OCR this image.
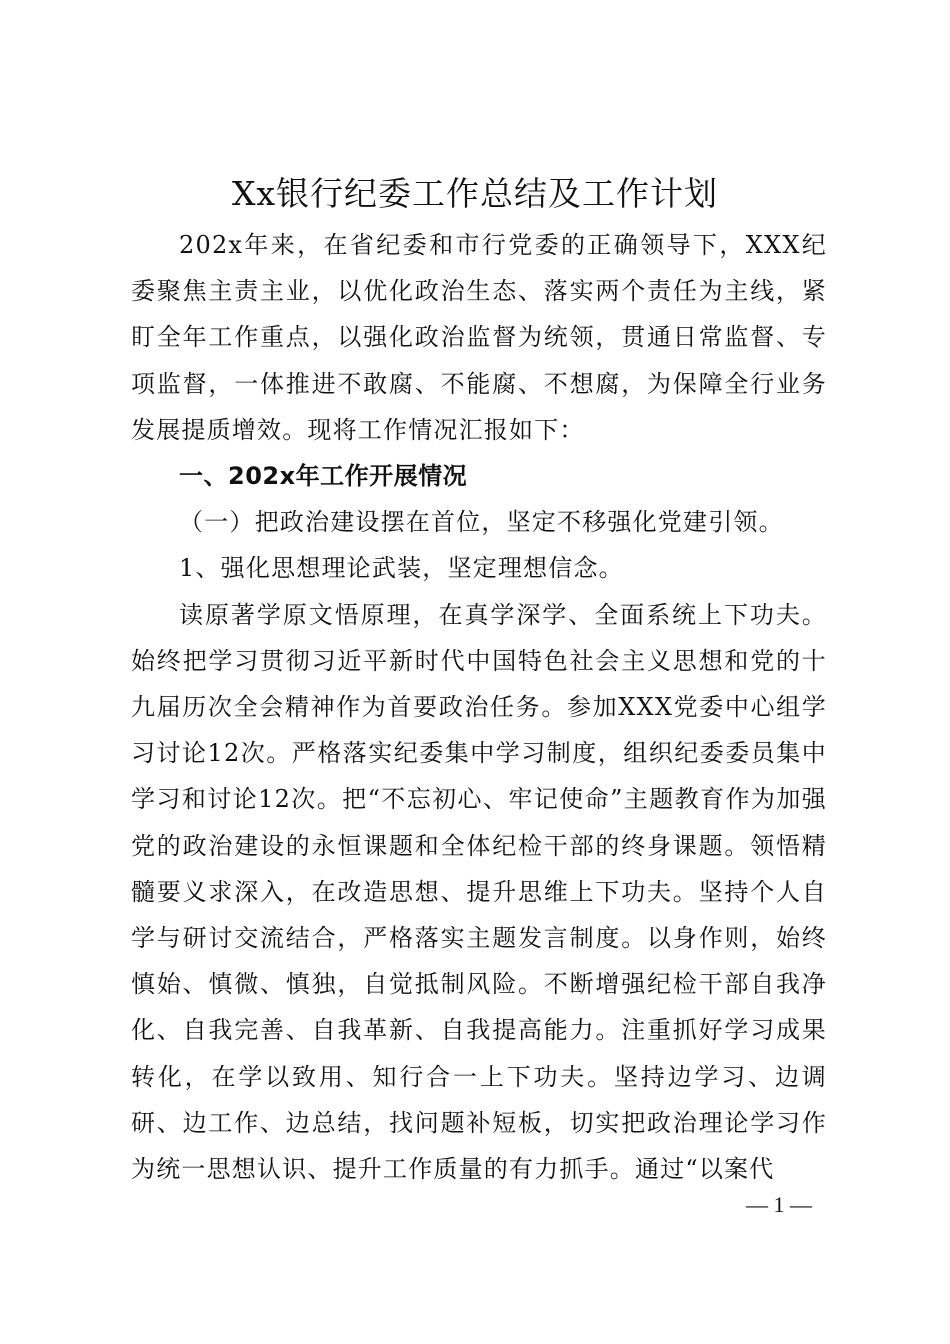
Xx银行纪委工作总结及工作计划

202x年来，在省纪委和市行党委的正确领导下，XXX纪委聚焦主责主业，以优化政治生态、落实两个责任为主线，紧盯全年工作重点，以强化政治监督为统领，贯通日常监督、专项监督，一体推进不敢腐、不能腐、不想腐，为保障全行业务发展提质增效。现将工作情况汇报如下：

一、202x年工作开展情况

（一）把政治建设摆在首位，坚定不移强化党建引领。

1、强化思想理论武装，坚定理想信念。

读原著学原文悟原理，在真学深学、全面系统上下功夫。始终把学习贯彻习近平新时代中国特色社会主义思想和党的十九届历次全会精神作为首要政治任务。参加XXX党委中心组学习讨论12次。严格落实纪委集中学习制度，组织纪委委员集中学习和讨论12次。把“不忘初心、牢记使命”主题教育作为加强党的政治建设的永恒课题和全体纪检干部的终身课题。领悟精髓要义求深入，在改造思想、提升思维上下功夫。坚持个人自学与研讨交流结合，严格落实主题发言制度。以身作则，始终慎始、慎微、慎独，自觉抵制风险。不断增强纪检干部自我净化、自我完善、自我革新、自我提高能力。注重抓好学习成果转化，在学以致用、知行合一上下功夫。坚持边学习、边调研、边工作、边总结，找问题补短板，切实把政治理论学习作为统一思想认识、提升工作质量的有力抓手。通过“以案代

— 1 —
